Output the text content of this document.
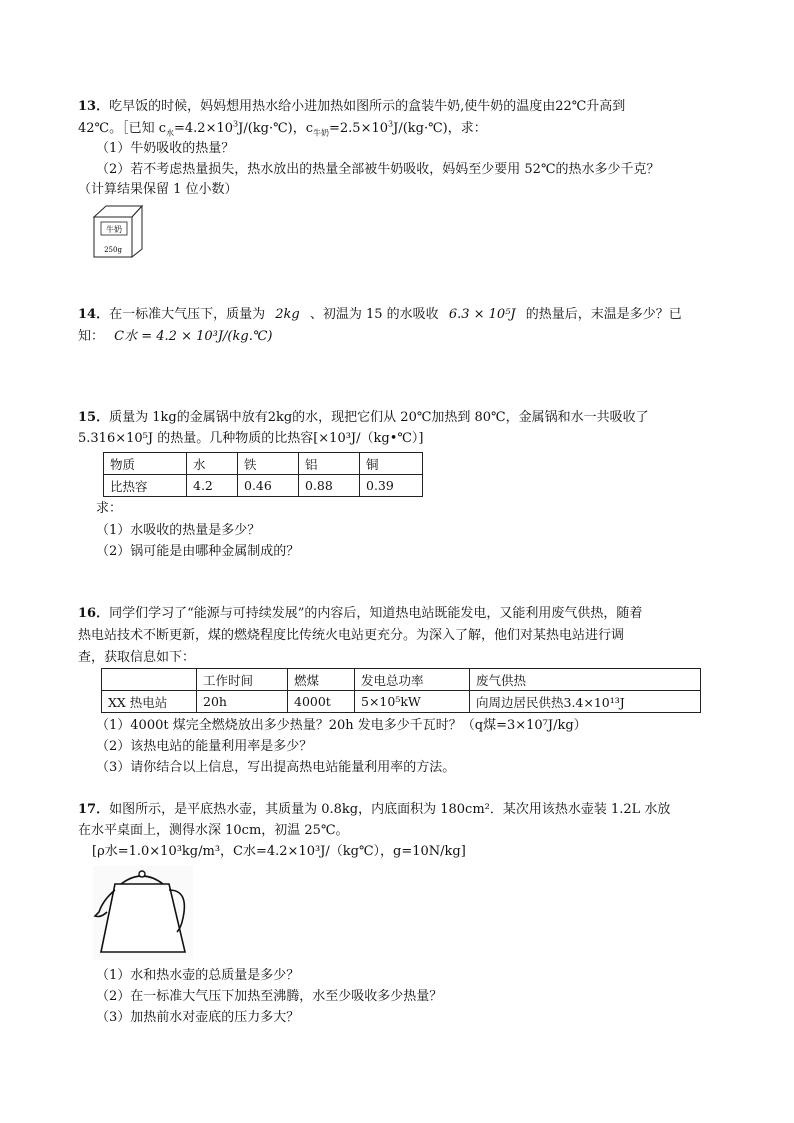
13．吃早饭的时候，妈妈想用热水给小进加热如图所示的盒装牛奶,使牛奶的温度由22℃升高到
42℃。［已知 $c_水=4.2\times 10^3J/(kg\cdot℃)$，$c_{牛奶}=2.5\times 10^3J/(kg\cdot℃)$，求：
（1）牛奶吸收的热量？
（2）若不考虑热量损失，热水放出的热量全部被牛奶吸收，妈妈至少要用 52℃的热水多少千克？
（计算结果保留 1 位小数）
牛奶
250g
14．在一标准大气压下，质量为 2kg 、初温为 15 的水吸收 6.3 × 10⁵J 的热量后，末温是多少？已
知： C水 = 4.2 × 10³J/(kg.℃)
15．质量为 1kg的金属锅中放有2kg的水，现把它们从 20℃加热到 80℃，金属锅和水一共吸收了
5.316×10⁵J 的热量。几种物质的比热容[×10³J/（kg•℃）]
物质	水	铁	铝	铜
比热容	4.2	0.46	0.88	0.39
求：
（1）水吸收的热量是多少？
（2）锅可能是由哪种金属制成的？
16．同学们学习了“能源与可持续发展”的内容后，知道热电站既能发电，又能利用废气供热，随着
热电站技术不断更新，煤的燃烧程度比传统火电站更充分。为深入了解，他们对某热电站进行调
查，获取信息如下：
	工作时间	燃煤	发电总功率	废气供热
XX 热电站	20h	4000t	5×10⁵kW	向周边居民供热3.4×10¹³J
（1）4000t 煤完全燃烧放出多少热量？20h 发电多少千瓦时？（q煤=3×10⁷J/kg）
（2）该热电站的能量利用率是多少？
（3）请你结合以上信息，写出提高热电站能量利用率的方法。
17．如图所示，是平底热水壶，其质量为 0.8kg，内底面积为 180cm²．某次用该热水壶装 1.2L 水放
在水平桌面上，测得水深 10cm，初温 25℃。
[ρ水=1.0×10³kg/m³，C水=4.2×10³J/（kg℃），g=10N/kg]
（1）水和热水壶的总质量是多少？
（2）在一标准大气压下加热至沸腾，水至少吸收多少热量？
（3）加热前水对壶底的压力多大？
